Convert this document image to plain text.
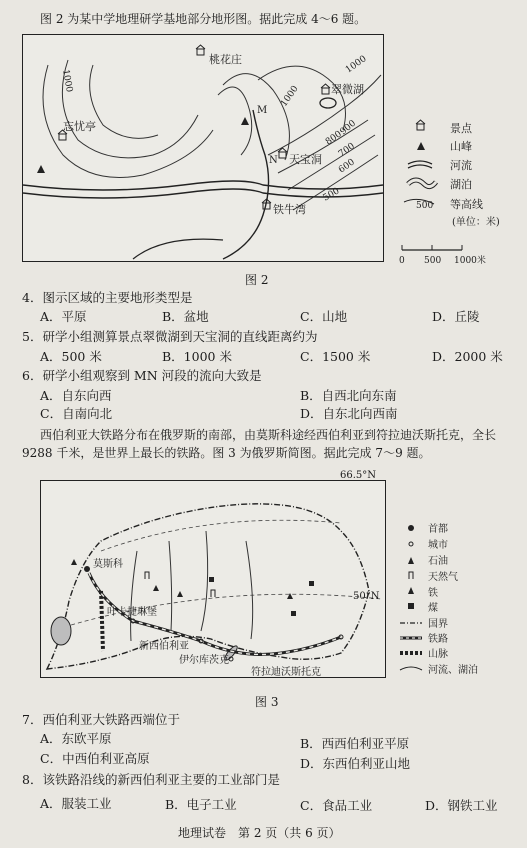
图 2 为某中学地理研学基地部分地形图。据此完成 4～6 题。
桃花庄
忘忧亭
翠微湖
天宝洞
铁牛湾
M
N
1000
1000
1000
900
800
700
600
500
景点
山峰
河流
湖泊
500 等高线
(单位：米)
0 500 1000米
图 2
4．图示区域的主要地形类型是
A．平原	B．盆地	C．山地	D．丘陵
5．研学小组测算景点翠微湖到天宝洞的直线距离约为
A．500 米	B．1000 米	C．1500 米	D．2000 米
6．研学小组观察到 MN 河段的流向大致是
A．自东向西	B．自西北向东南
C．自南向北	D．自东北向西南
西伯利亚大铁路分布在俄罗斯的南部，由莫斯科途经西伯利亚到符拉迪沃斯托克，全长
9288 千米，是世界上最长的铁路。图 3 为俄罗斯简图。据此完成 7～9 题。
莫斯科
叶卡捷琳堡
新西伯利亚
伊尔库茨克
符拉迪沃斯托克
66.5°N
50°N
首都
城市
石油
天然气
铁
煤
国界
铁路
山脉
河流、湖泊
图 3
7．西伯利亚大铁路西端位于
A．东欧平原	B．西西伯利亚平原
C．中西伯利亚高原	D．东西伯利亚山地
8．该铁路沿线的新西伯利亚主要的工业部门是
A．服装工业	B．电子工业	C．食品工业	D．钢铁工业
地理试卷　第 2 页（共 6 页）
